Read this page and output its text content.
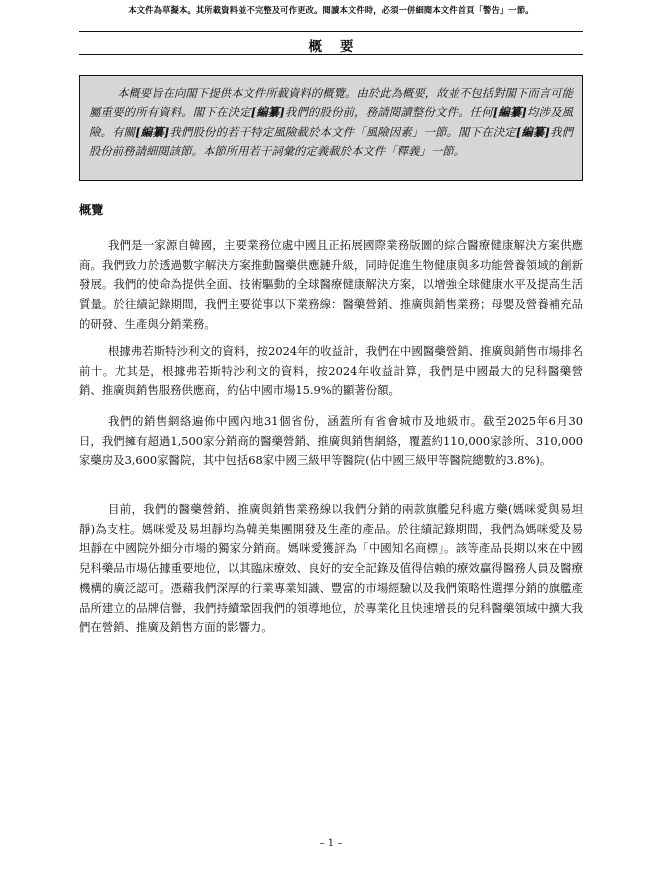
本文件為草擬本。其所載資料並不完整及可作更改。閱讀本文件時，必須一併細閱本文件首頁「警告」一節。
概要
本概要旨在向閣下提供本文件所載資料的概覽。由於此為概要，故並不包括對閣下而言可能屬重要的所有資料。閣下在決定[編纂]我們的股份前，務請閱讀整份文件。任何[編纂]均涉及風險。有關[編纂]我們股份的若干特定風險載於本文件「風險因素」一節。閣下在決定[編纂]我們股份前務請細閱該節。本節所用若干詞彙的定義載於本文件「釋義」一節。
概覽

我們是一家源自韓國，主要業務位處中國且正拓展國際業務版圖的綜合醫療健康解決方案供應商。我們致力於透過數字解決方案推動醫藥供應鏈升級，同時促進生物健康與多功能營養領域的創新發展。我們的使命為提供全面、技術驅動的全球醫療健康解決方案，以增強全球健康水平及提高生活質量。於往績記錄期間，我們主要從事以下業務線：醫藥營銷、推廣與銷售業務；母嬰及營養補充品的研發、生產與分銷業務。

根據弗若斯特沙利文的資料，按2024年的收益計，我們在中國醫藥營銷、推廣與銷售市場排名前十。尤其是，根據弗若斯特沙利文的資料，按2024年收益計算，我們是中國最大的兒科醫藥營銷、推廣與銷售服務供應商，約佔中國市場15.9%的顯著份額。

我們的銷售網絡遍佈中國內地31個省份，涵蓋所有省會城市及地級市。截至2025年6月30日，我們擁有超過1,500家分銷商的醫藥營銷、推廣與銷售網絡，覆蓋約110,000家診所、310,000家藥房及3,600家醫院，其中包括68家中國三級甲等醫院(佔中國三級甲等醫院總數約3.8%)。

目前，我們的醫藥營銷、推廣與銷售業務線以我們分銷的兩款旗艦兒科處方藥(媽咪愛與易坦靜)為支柱。媽咪愛及易坦靜均為韓美集團開發及生產的產品。於往績記錄期間，我們為媽咪愛及易坦靜在中國院外細分市場的獨家分銷商。媽咪愛獲評為「中國知名商標」。該等產品長期以來在中國兒科藥品市場佔據重要地位，以其臨床療效、良好的安全記錄及值得信賴的療效贏得醫務人員及醫療機構的廣泛認可。憑藉我們深厚的行業專業知識、豐富的市場經驗以及我們策略性選擇分銷的旗艦產品所建立的品牌信譽，我們持續鞏固我們的領導地位，於專業化且快速增長的兒科醫藥領域中擴大我們在營銷、推廣及銷售方面的影響力。

– 1 –
